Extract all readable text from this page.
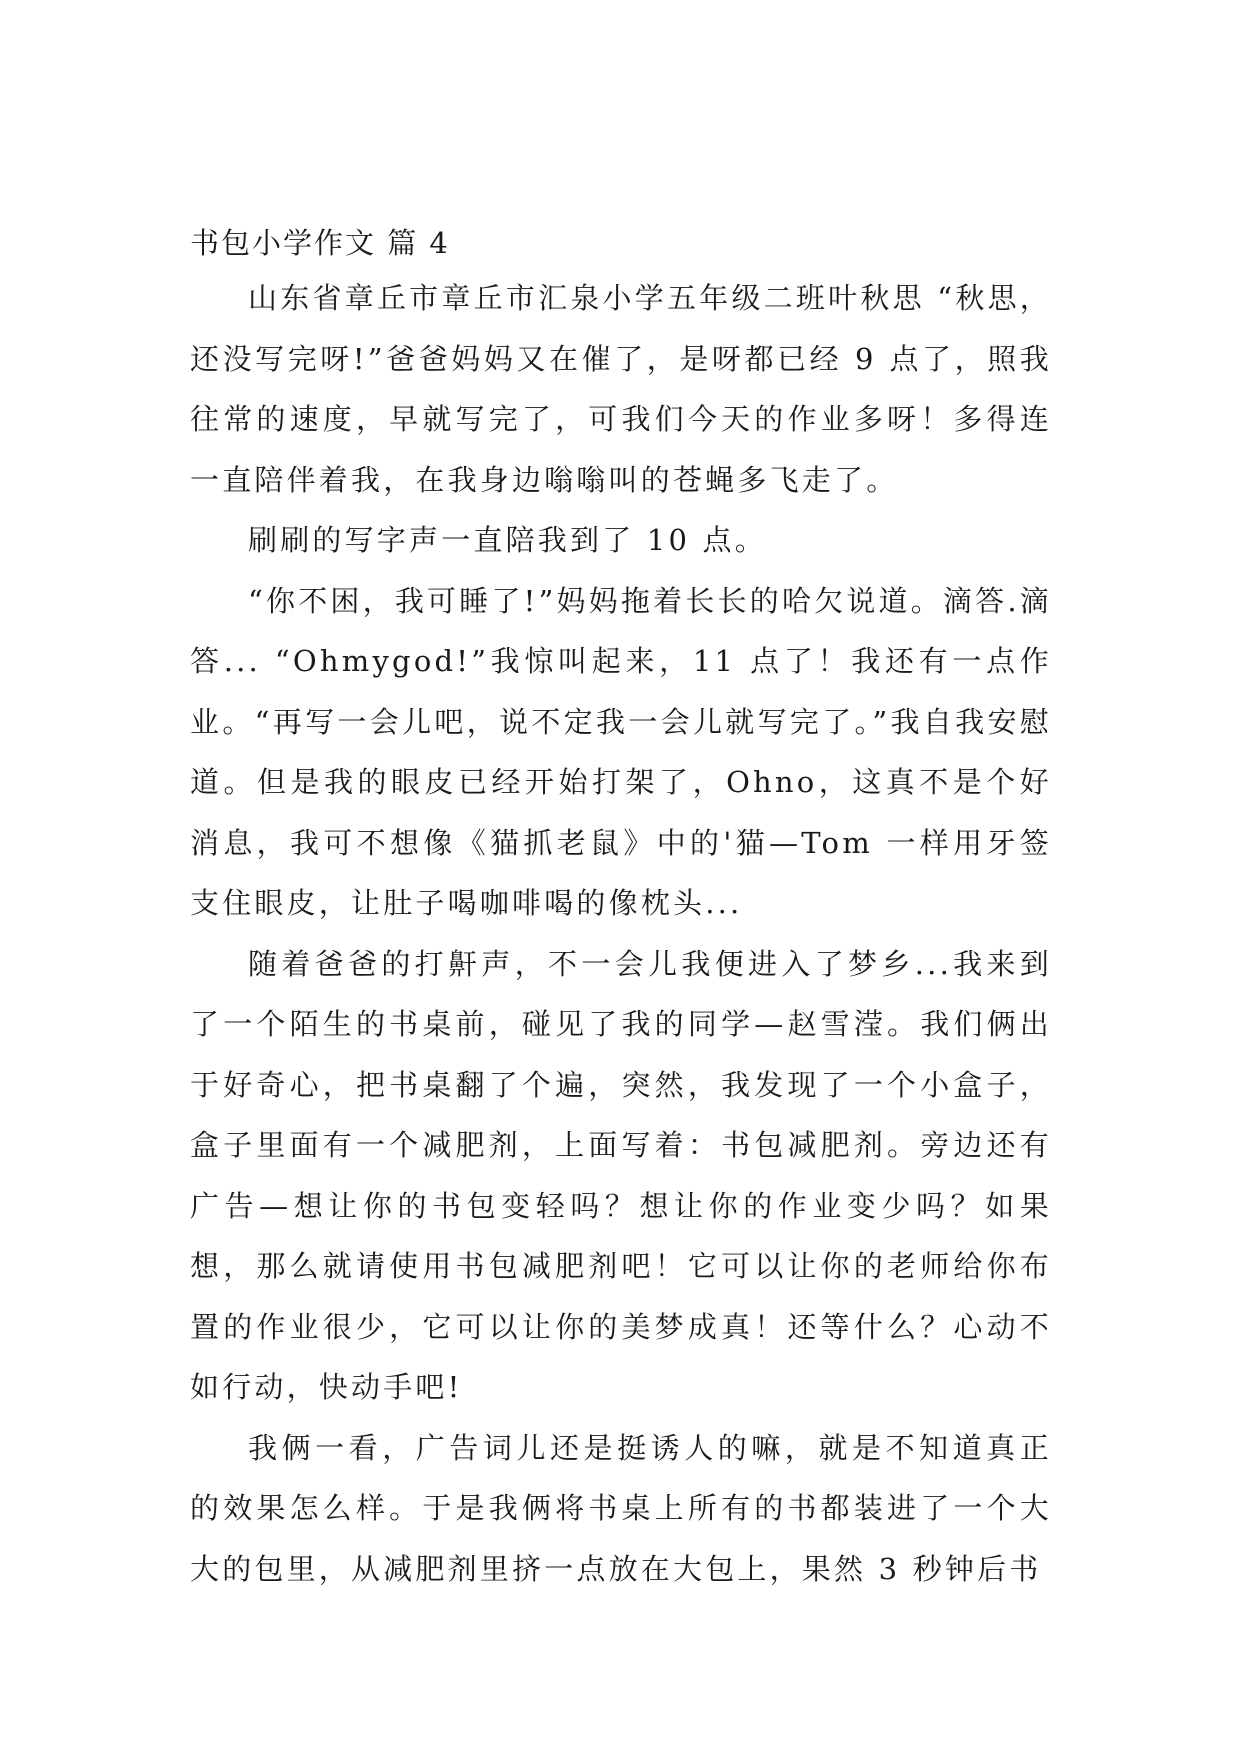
书包小学作文 篇 4

山东省章丘市章丘市汇泉小学五年级二班叶秋思 “秋思，还没写完呀!”爸爸妈妈又在催了，是呀都已经 9 点了，照我往常的速度，早就写完了，可我们今天的作业多呀！多得连一直陪伴着我，在我身边嗡嗡叫的苍蝇多飞走了。

刷刷的写字声一直陪我到了 10 点。

“你不困，我可睡了!”妈妈拖着长长的哈欠说道。滴答.滴答... “Ohmygod!”我惊叫起来，11 点了！我还有一点作业。“再写一会儿吧，说不定我一会儿就写完了。”我自我安慰道。但是我的眼皮已经开始打架了，Ohno，这真不是个好消息，我可不想像《猫抓老鼠》中的'猫—Tom 一样用牙签支住眼皮，让肚子喝咖啡喝的像枕头...

随着爸爸的打鼾声，不一会儿我便进入了梦乡...我来到了一个陌生的书桌前，碰见了我的同学—赵雪滢。我们俩出于好奇心，把书桌翻了个遍，突然，我发现了一个小盒子，盒子里面有一个减肥剂，上面写着：书包减肥剂。旁边还有广告—想让你的书包变轻吗？想让你的作业变少吗？如果想，那么就请使用书包减肥剂吧！它可以让你的老师给你布置的作业很少，它可以让你的美梦成真！还等什么？心动不如行动，快动手吧!

我俩一看，广告词儿还是挺诱人的嘛，就是不知道真正的效果怎么样。于是我俩将书桌上所有的书都装进了一个大大的包里，从减肥剂里挤一点放在大包上，果然 3 秒钟后书
